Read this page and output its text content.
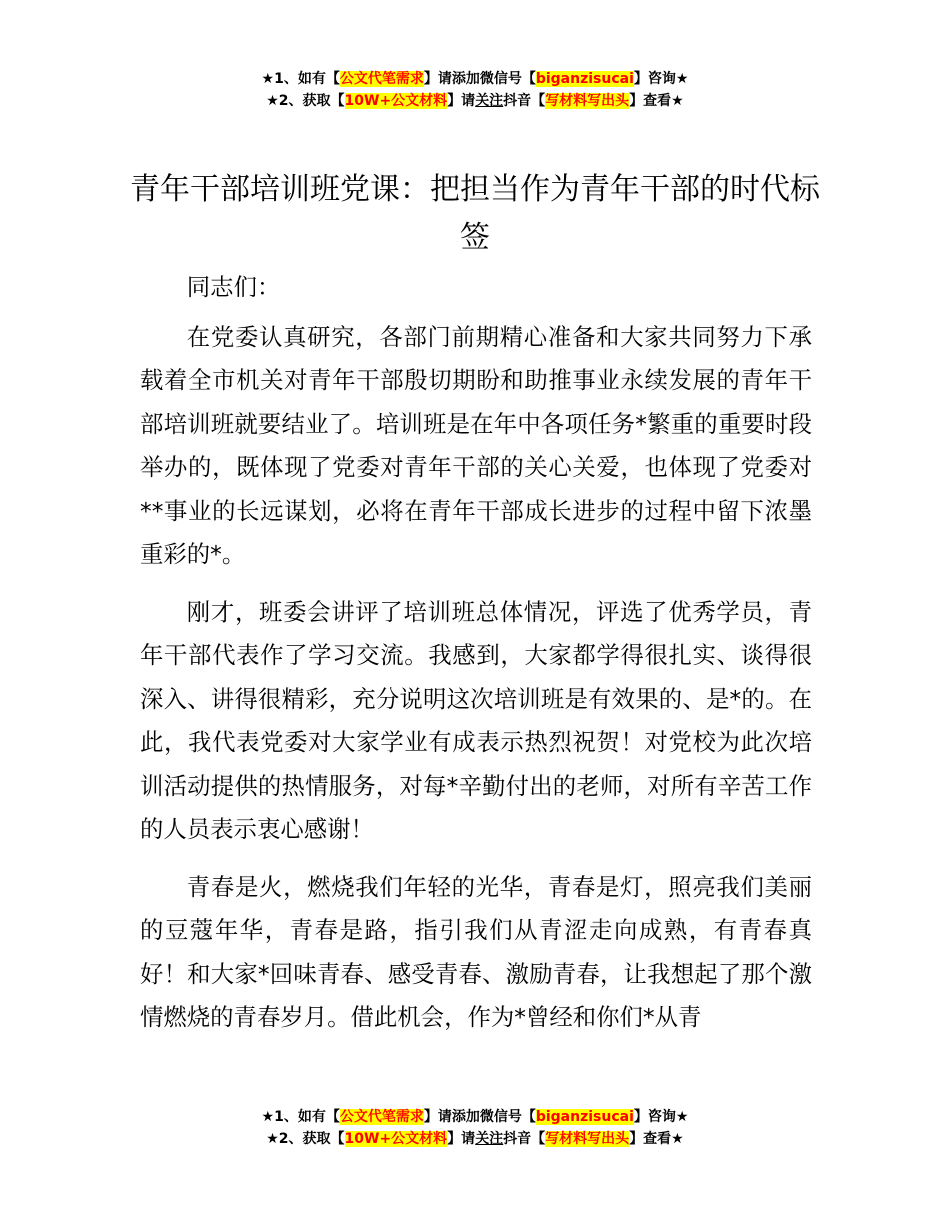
★1、如有【公文代笔需求】请添加微信号【biganzisucai】咨询★
★2、获取【10W+公文材料】请关注抖音【写材料写出头】查看★
青年干部培训班党课：把担当作为青年干部的时代标签

同志们：

在党委认真研究，各部门前期精心准备和大家共同努力下承载着全市机关对青年干部殷切期盼和助推事业永续发展的青年干部培训班就要结业了。培训班是在年中各项任务*繁重的重要时段举办的，既体现了党委对青年干部的关心关爱，也体现了党委对**事业的长远谋划，必将在青年干部成长进步的过程中留下浓墨重彩的*。

刚才，班委会讲评了培训班总体情况，评选了优秀学员，青年干部代表作了学习交流。我感到，大家都学得很扎实、谈得很深入、讲得很精彩，充分说明这次培训班是有效果的、是*的。在此，我代表党委对大家学业有成表示热烈祝贺！对党校为此次培训活动提供的热情服务，对每*辛勤付出的老师，对所有辛苦工作的人员表示衷心感谢！

青春是火，燃烧我们年轻的光华，青春是灯，照亮我们美丽的豆蔻年华，青春是路，指引我们从青涩走向成熟，有青春真好！和大家*回味青春、感受青春、激励青春，让我想起了那个激情燃烧的青春岁月。借此机会，作为*曾经和你们*从青

★1、如有【公文代笔需求】请添加微信号【biganzisucai】咨询★
★2、获取【10W+公文材料】请关注抖音【写材料写出头】查看★
